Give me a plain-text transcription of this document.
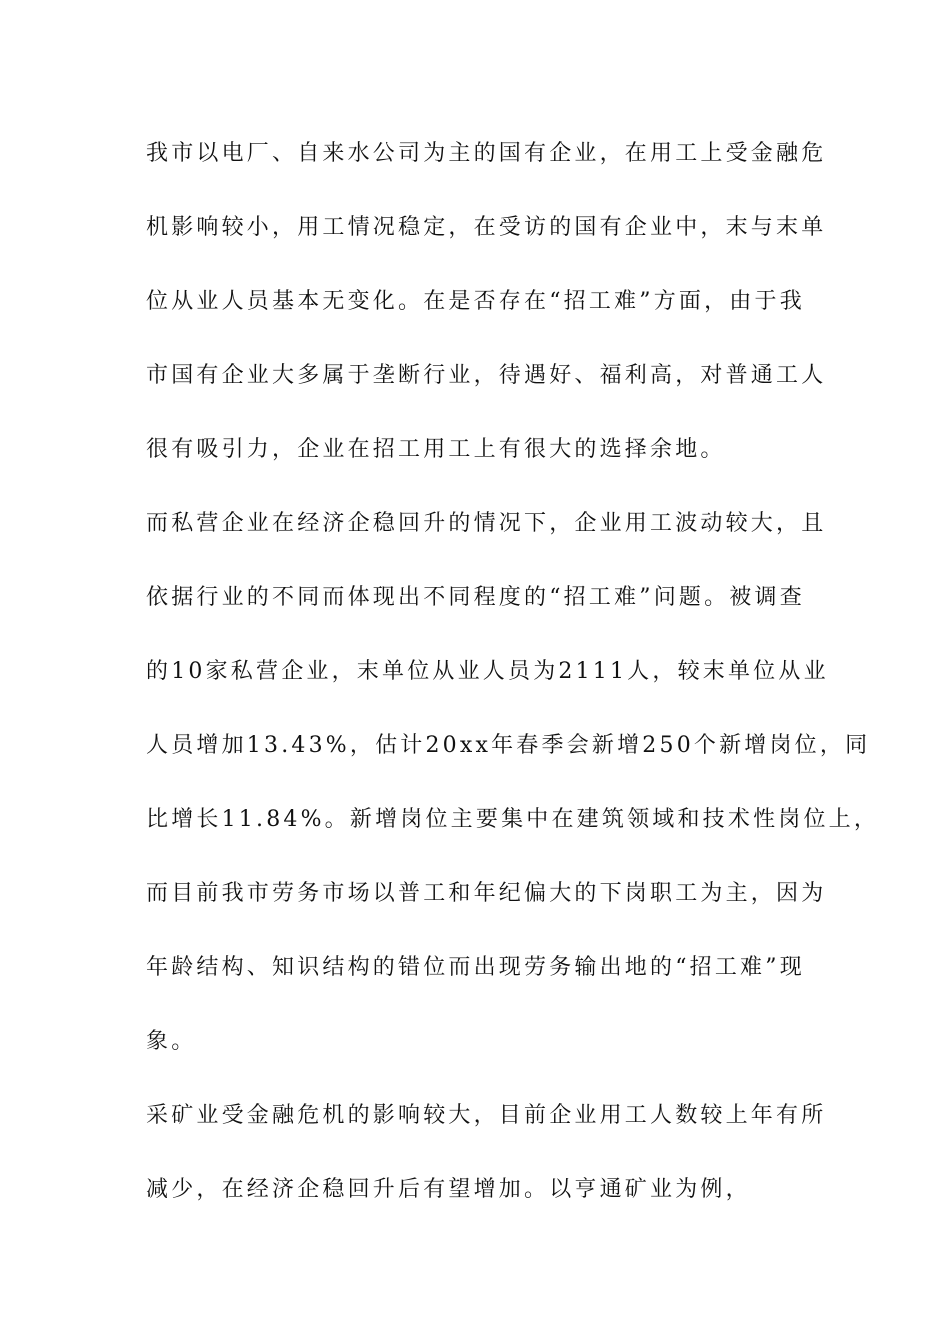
我市以电厂、自来水公司为主的国有企业，在用工上受金融危
机影响较小，用工情况稳定，在受访的国有企业中，末与末单
位从业人员基本无变化。在是否存在“招工难”方面，由于我
市国有企业大多属于垄断行业，待遇好、福利高，对普通工人
很有吸引力，企业在招工用工上有很大的选择余地。
而私营企业在经济企稳回升的情况下，企业用工波动较大，且
依据行业的不同而体现出不同程度的“招工难”问题。被调查
的10家私营企业，末单位从业人员为2111人，较末单位从业
人员增加13.43%，估计20xx年春季会新增250个新增岗位，同
比增长11.84%。新增岗位主要集中在建筑领域和技术性岗位上，
而目前我市劳务市场以普工和年纪偏大的下岗职工为主，因为
年龄结构、知识结构的错位而出现劳务输出地的“招工难”现
象。
采矿业受金融危机的影响较大，目前企业用工人数较上年有所
减少，在经济企稳回升后有望增加。以亨通矿业为例，
